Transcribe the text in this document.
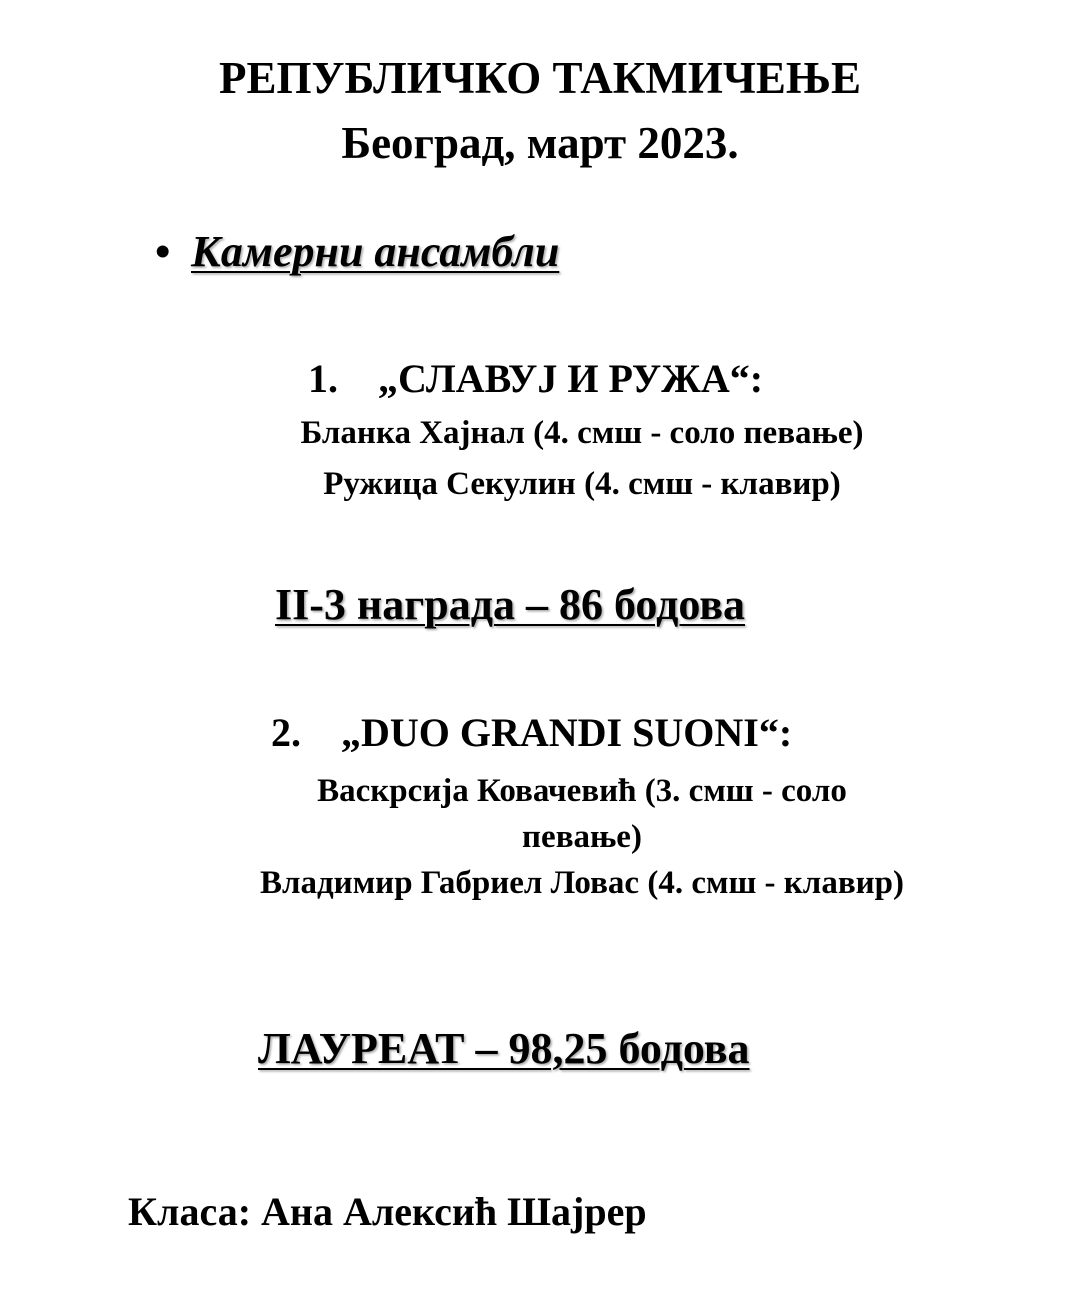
РЕПУБЛИЧКО ТАКМИЧЕЊЕ
Београд, март 2023.
• Камерни ансамбли
1. „СЛАВУЈ И РУЖА“:
Бланка Хајнал (4. смш - соло певање)
Ружица Секулин (4. смш - клавир)
II-3 награда – 86 бодова
2. „DUO GRANDI SUONI“:
Васкрсија Ковачевић (3. смш - соло певање)
Владимир Габриел Ловас (4. смш - клавир)
ЛАУРЕАТ – 98,25 бодова
Класа: Ана Алексић Шајрер
